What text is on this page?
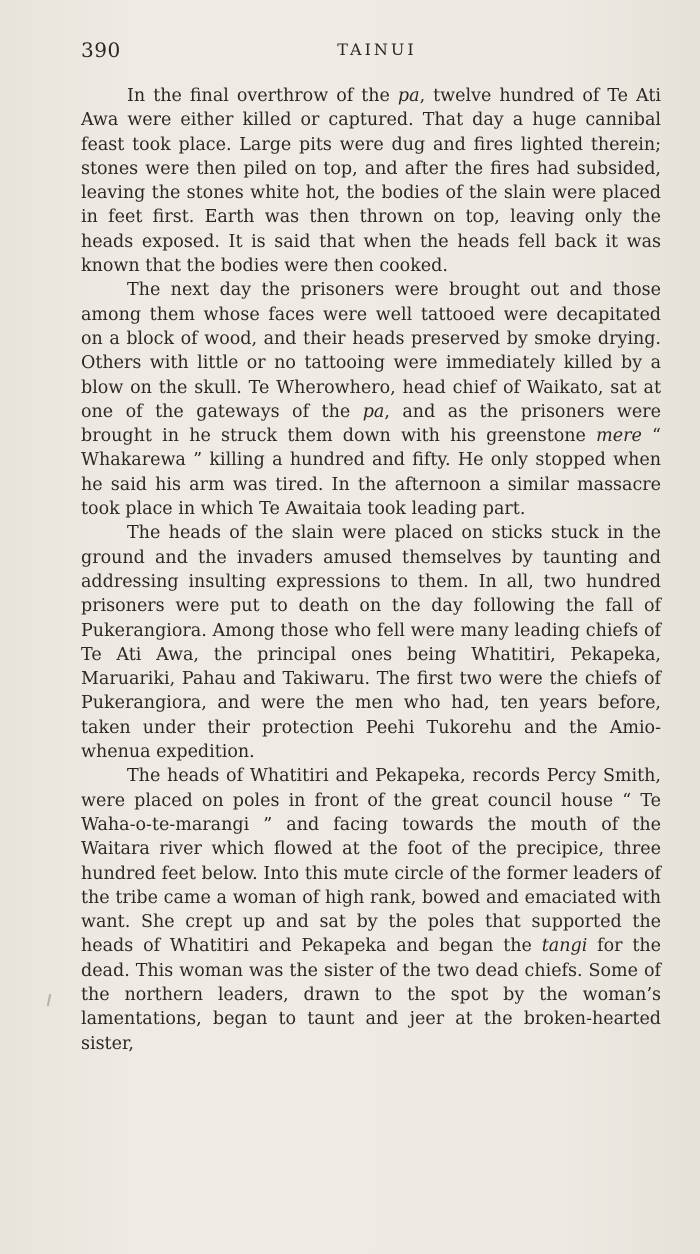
390	TAINUI

In the final overthrow of the pa, twelve hundred of Te Ati Awa were either killed or captured. That day a huge cannibal feast took place. Large pits were dug and fires lighted therein; stones were then piled on top, and after the fires had subsided, leaving the stones white hot, the bodies of the slain were placed in feet first. Earth was then thrown on top, leaving only the heads exposed. It is said that when the heads fell back it was known that the bodies were then cooked.

The next day the prisoners were brought out and those among them whose faces were well tattooed were decapitated on a block of wood, and their heads preserved by smoke drying. Others with little or no tattooing were immediately killed by a blow on the skull. Te Wherowhero, head chief of Waikato, sat at one of the gateways of the pa, and as the prisoners were brought in he struck them down with his greenstone mere “ Whakarewa ” killing a hundred and fifty. He only stopped when he said his arm was tired. In the afternoon a similar massacre took place in which Te Awaitaia took leading part.

The heads of the slain were placed on sticks stuck in the ground and the invaders amused themselves by taunting and addressing insulting expressions to them. In all, two hundred prisoners were put to death on the day following the fall of Pukerangiora. Among those who fell were many leading chiefs of Te Ati Awa, the principal ones being Whatitiri, Pekapeka, Maruariki, Pahau and Takiwaru. The first two were the chiefs of Pukerangiora, and were the men who had, ten years before, taken under their protection Peehi Tukorehu and the Amio-whenua expedition.

The heads of Whatitiri and Pekapeka, records Percy Smith, were placed on poles in front of the great council house “ Te Waha-o-te-marangi ” and facing towards the mouth of the Waitara river which flowed at the foot of the precipice, three hundred feet below. Into this mute circle of the former leaders of the tribe came a woman of high rank, bowed and emaciated with want. She crept up and sat by the poles that supported the heads of Whatitiri and Pekapeka and began the tangi for the dead. This woman was the sister of the two dead chiefs. Some of the northern leaders, drawn to the spot by the woman’s lamentations, began to taunt and jeer at the broken-hearted sister,
